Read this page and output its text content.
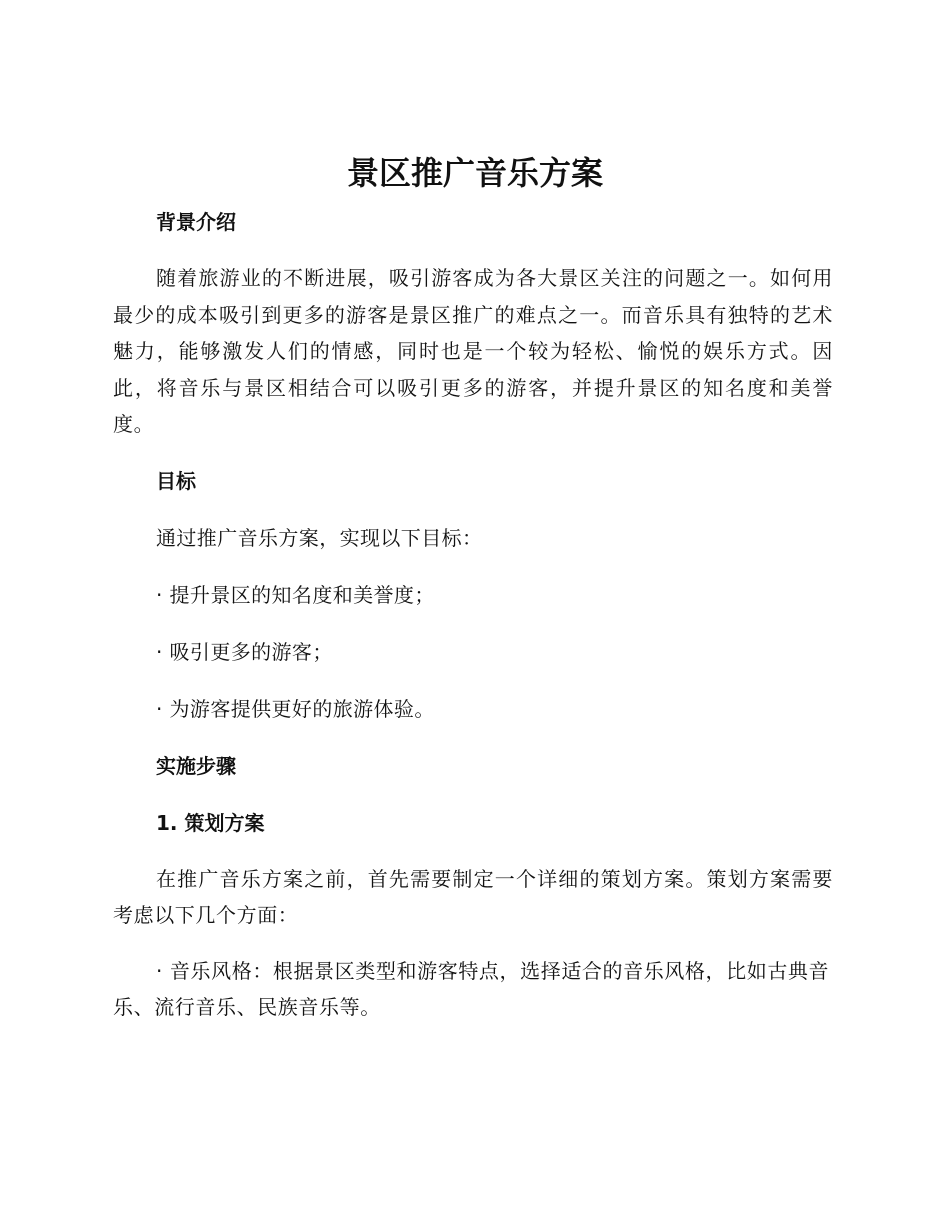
景区推广音乐方案
背景介绍

随着旅游业的不断进展，吸引游客成为各大景区关注的问题之一。如何用最少的成本吸引到更多的游客是景区推广的难点之一。而音乐具有独特的艺术魅力，能够激发人们的情感，同时也是一个较为轻松、愉悦的娱乐方式。因此，将音乐与景区相结合可以吸引更多的游客，并提升景区的知名度和美誉度。

目标
通过推广音乐方案，实现以下目标：
· 提升景区的知名度和美誉度；
· 吸引更多的游客；
· 为游客提供更好的旅游体验。
实施步骤
1. 策划方案

在推广音乐方案之前，首先需要制定一个详细的策划方案。策划方案需要考虑以下几个方面：

· 音乐风格：根据景区类型和游客特点，选择适合的音乐风格，比如古典音乐、流行音乐、民族音乐等。
